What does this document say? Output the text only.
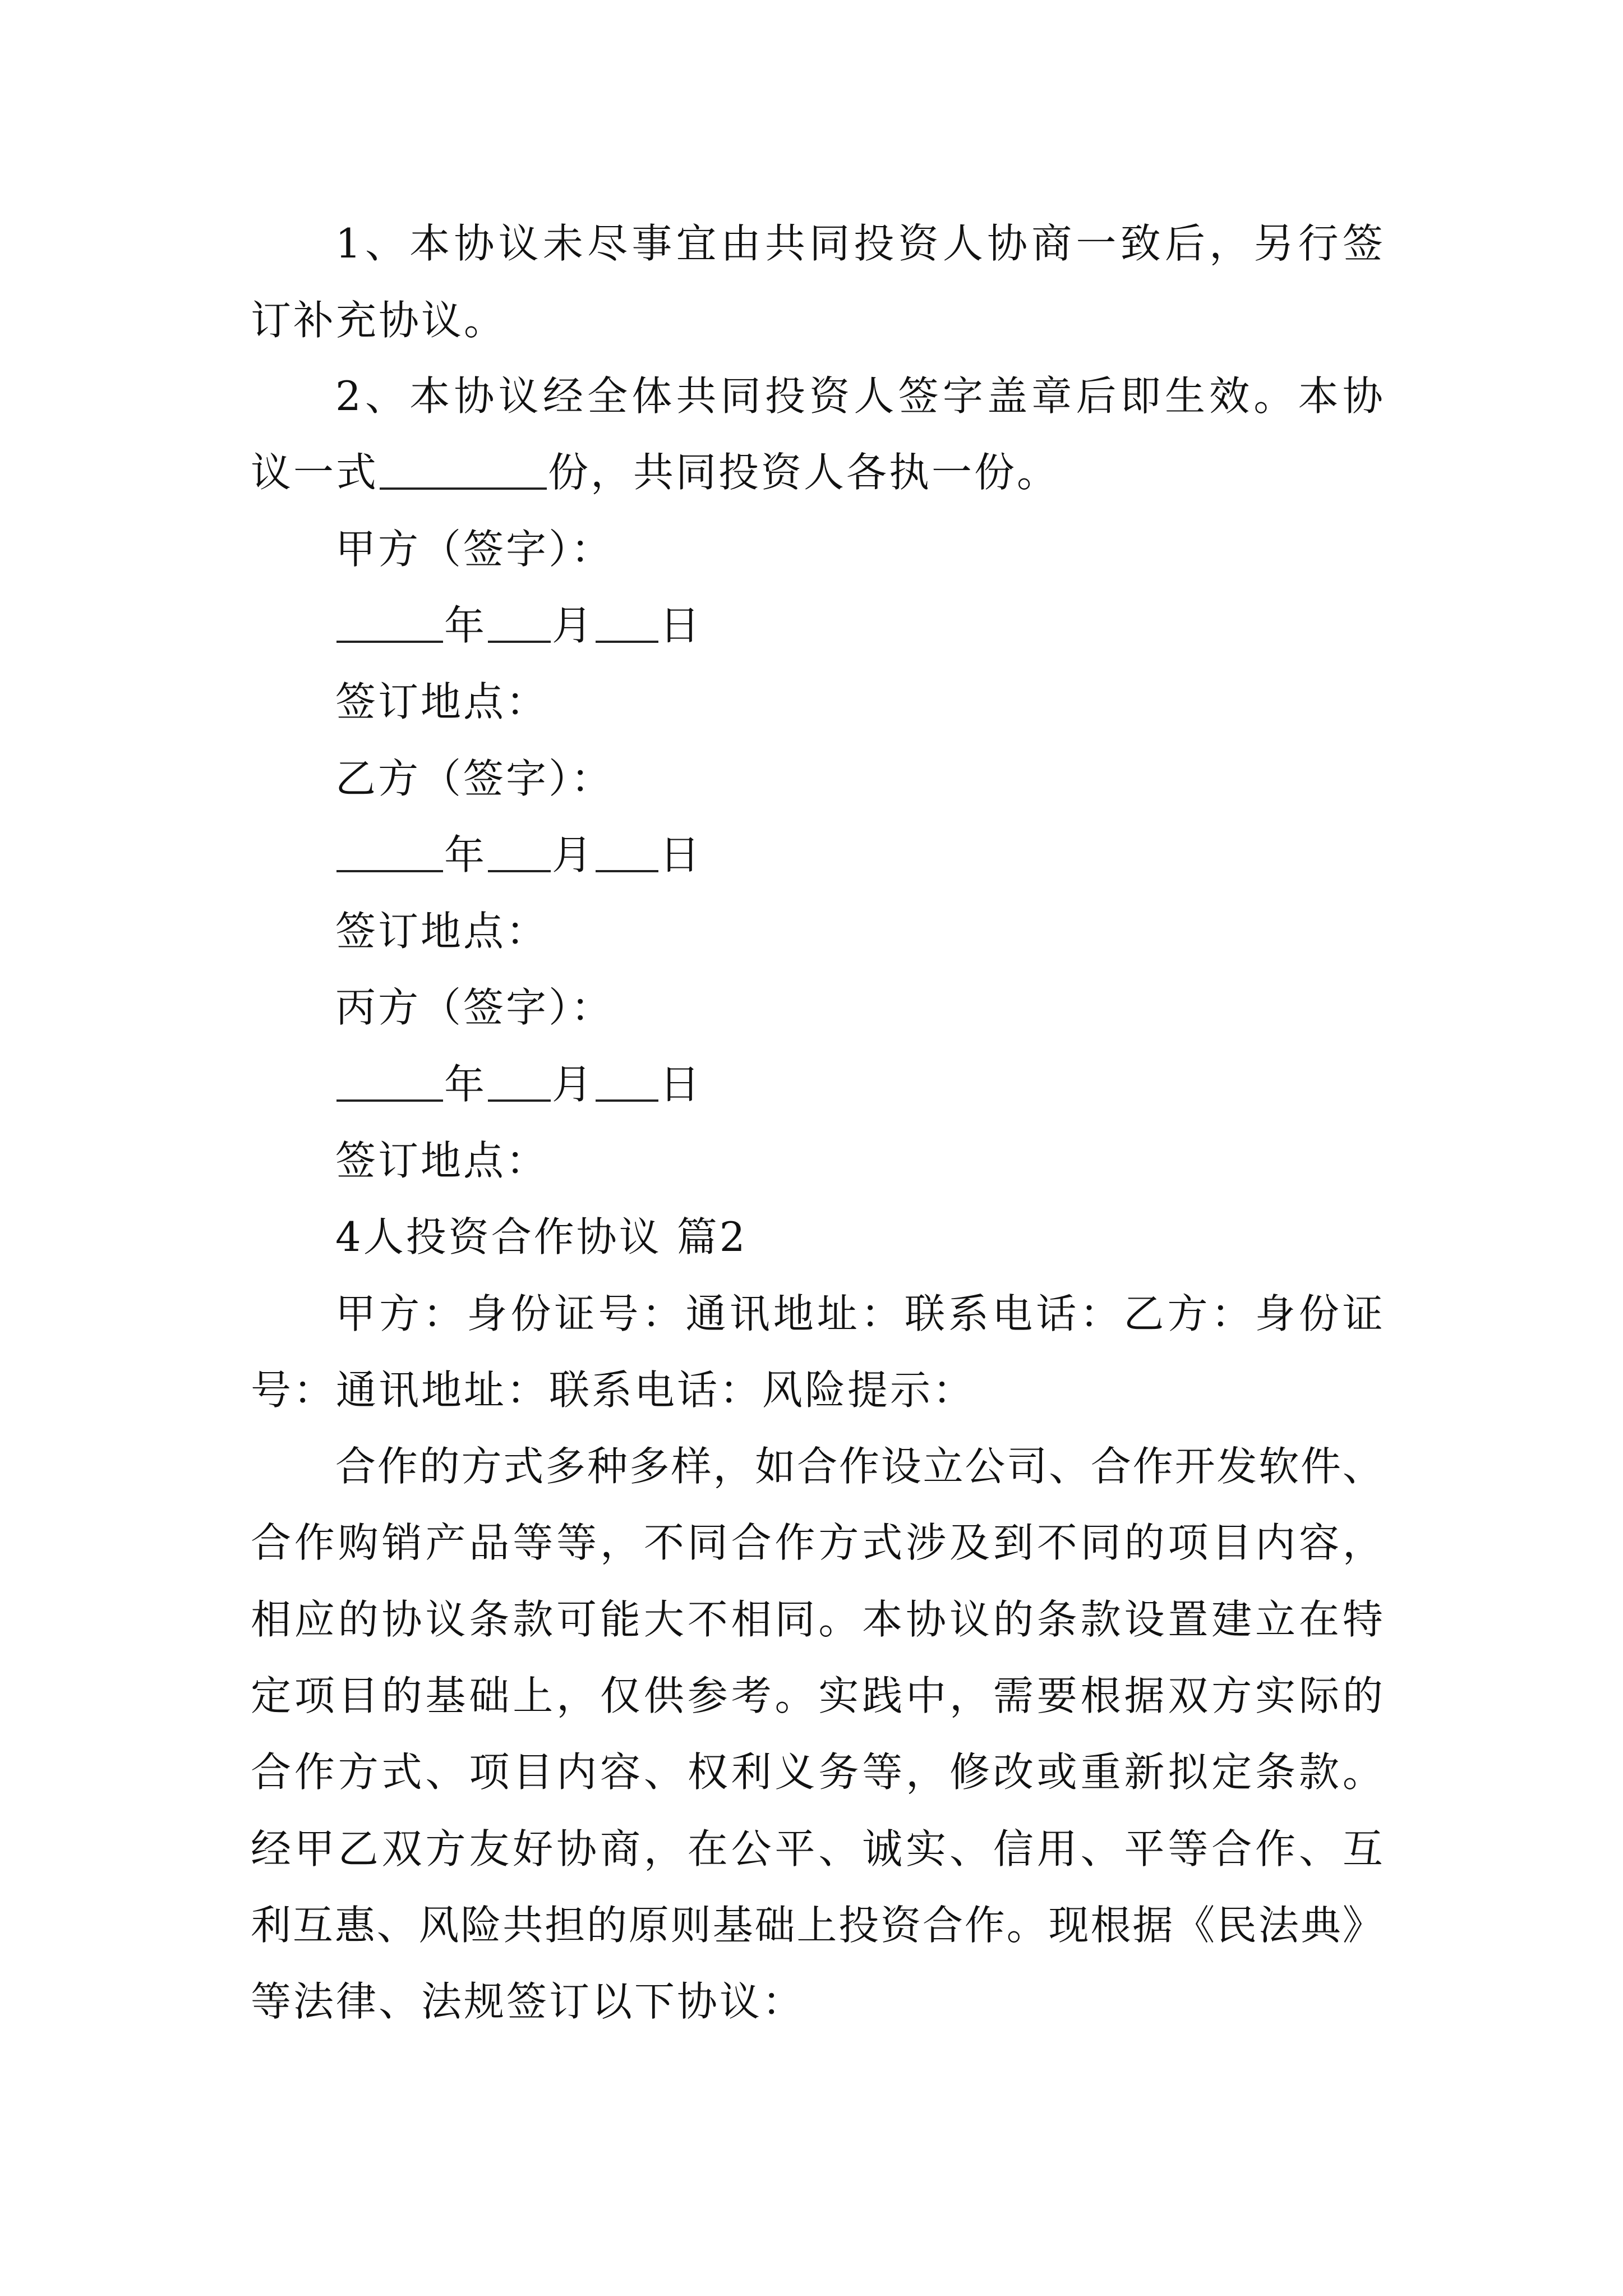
1 、 本 协 议 未 尽 事 宜 由 共 同 投 资 人 协 商 一 致 后 ， 另 行 签
订补充协议。
2 、 本 协 议 经 全 体 共 同 投 资 人 签 字 盖 章 后 即 生 效 。 本 协
议一式	份，共同投资人各执一份。
甲方（签字）：
年 月 日
签订地点：
乙方（签字）：
年 月 日
签订地点：
丙方（签字）：
年 月 日
签订地点：
4人投资合作协议 篇2
甲 方 ： 身 份 证 号 ： 通 讯 地 址 ： 联 系 电 话 ： 乙 方 ： 身 份 证
号：通讯地址：联系电话：风险提示：
合 作 的 方 式 多 种 多 样 ， 如 合 作 设 立 公 司 、 合 作 开 发 软 件 、
合 作 购 销 产 品 等 等 ， 不 同 合 作 方 式 涉 及 到 不 同 的 项 目 内 容 ，
相 应 的 协 议 条 款 可 能 大 不 相 同 。 本 协 议 的 条 款 设 置 建 立 在 特
定 项 目 的 基 础 上 ， 仅 供 参 考 。 实 践 中 ， 需 要 根 据 双 方 实 际 的
合 作 方 式 、 项 目 内 容 、 权 利 义 务 等 ， 修 改 或 重 新 拟 定 条 款 。
经 甲 乙 双 方 友 好 协 商 ， 在 公 平 、 诚 实 、 信 用 、 平 等 合 作 、 互
利 互 惠 、 风 险 共 担 的 原 则 基 础 上 投 资 合 作 。 现 根 据 《 民 法 典 》
等法律、法规签订以下协议：
